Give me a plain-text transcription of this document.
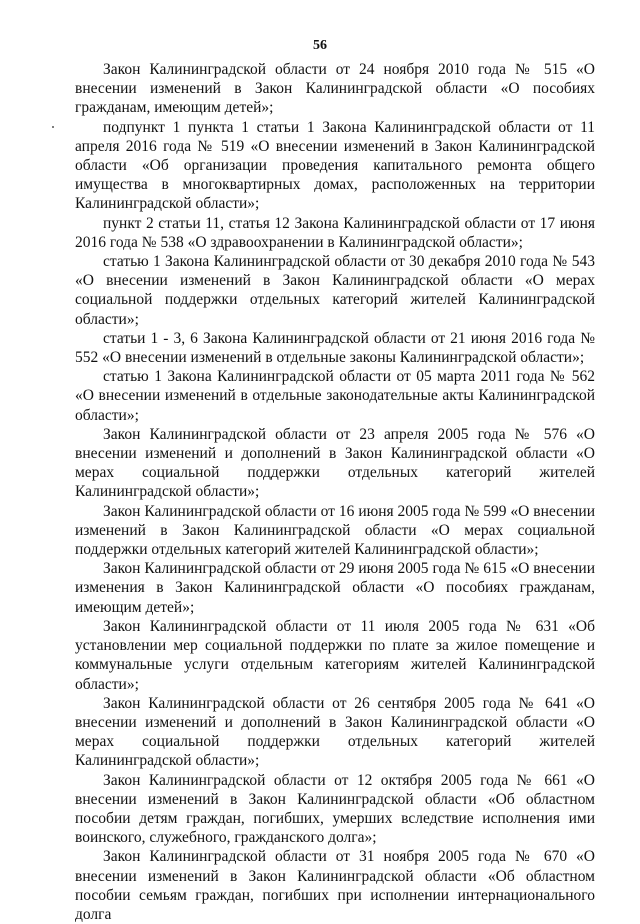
56

Закон Калининградской области от 24 ноября 2010 года № 515 «О внесении изменений в Закон Калининградской области «О пособиях гражданам, имеющим детей»;

подпункт 1 пункта 1 статьи 1 Закона Калининградской области от 11 апреля 2016 года № 519 «О внесении изменений в Закон Калининградской области «Об организации проведения капитального ремонта общего имущества в многоквартирных домах, расположенных на территории Калининградской области»;

пункт 2 статьи 11, статья 12 Закона Калининградской области от 17 июня 2016 года № 538 «О здравоохранении в Калининградской области»;

статью 1 Закона Калининградской области от 30 декабря 2010 года № 543 «О внесении изменений в Закон Калининградской области «О мерах социальной поддержки отдельных категорий жителей Калининградской области»;

статьи 1 - 3, 6 Закона Калининградской области от 21 июня 2016 года № 552 «О внесении изменений в отдельные законы Калининградской области»;

статью 1 Закона Калининградской области от 05 марта 2011 года № 562 «О внесении изменений в отдельные законодательные акты Калининградской области»;

Закон Калининградской области от 23 апреля 2005 года № 576 «О внесении изменений и дополнений в Закон Калининградской области «О мерах социальной поддержки отдельных категорий жителей Калининградской области»;

Закон Калининградской области от 16 июня 2005 года № 599 «О внесении изменений в Закон Калининградской области «О мерах социальной поддержки отдельных категорий жителей Калининградской области»;

Закон Калининградской области от 29 июня 2005 года № 615 «О внесении изменения в Закон Калининградской области «О пособиях гражданам, имеющим детей»;

Закон Калининградской области от 11 июля 2005 года № 631 «Об установлении мер социальной поддержки по плате за жилое помещение и коммунальные услуги отдельным категориям жителей Калининградской области»;

Закон Калининградской области от 26 сентября 2005 года № 641 «О внесении изменений и дополнений в Закон Калининградской области «О мерах социальной поддержки отдельных категорий жителей Калининградской области»;

Закон Калининградской области от 12 октября 2005 года № 661 «О внесении изменений в Закон Калининградской области «Об областном пособии детям граждан, погибших, умерших вследствие исполнения ими воинского, служебного, гражданского долга»;

Закон Калининградской области от 31 ноября 2005 года № 670 «О внесении изменений в Закон Калининградской области «Об областном пособии семьям граждан, погибших при исполнении интернационального долга
